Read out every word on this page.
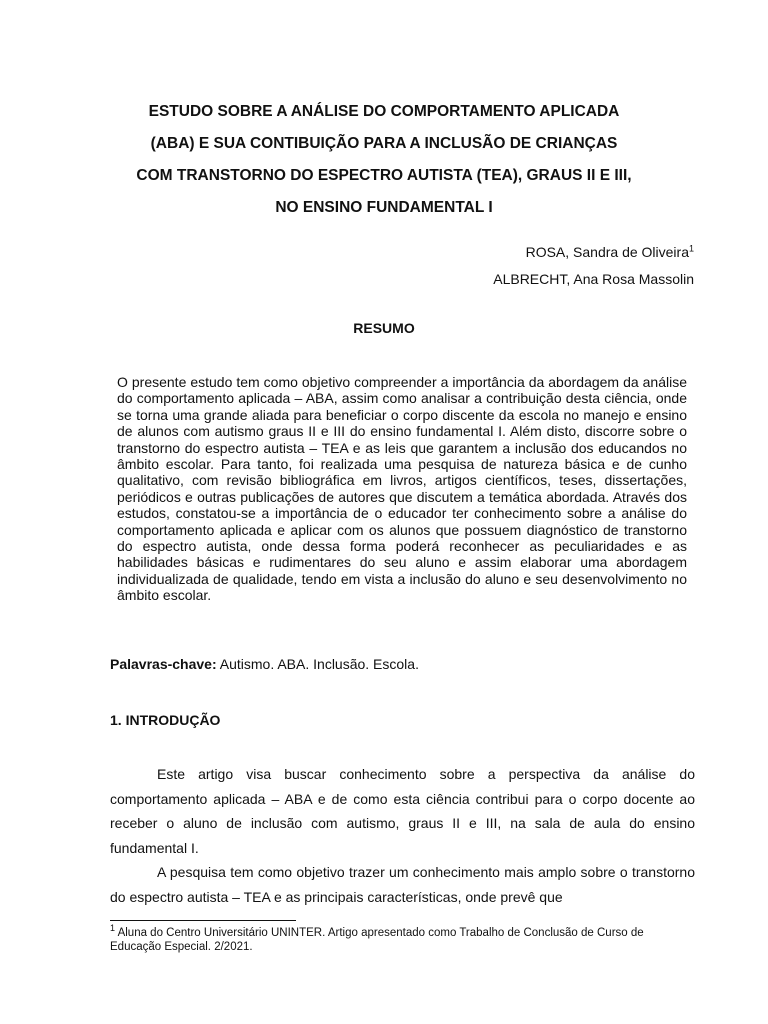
ESTUDO SOBRE A ANÁLISE DO COMPORTAMENTO APLICADA
(ABA) E SUA CONTIBUIÇÃO PARA A INCLUSÃO DE CRIANÇAS
COM TRANSTORNO DO ESPECTRO AUTISTA (TEA), GRAUS II E III,
NO ENSINO FUNDAMENTAL I
ROSA, Sandra de Oliveira$^1$
ALBRECHT, Ana Rosa Massolin
RESUMO

O presente estudo tem como objetivo compreender a importância da abordagem da análise do comportamento aplicada – ABA, assim como analisar a contribuição desta ciência, onde se torna uma grande aliada para beneficiar o corpo discente da escola no manejo e ensino de alunos com autismo graus II e III do ensino fundamental I. Além disto, discorre sobre o transtorno do espectro autista – TEA e as leis que garantem a inclusão dos educandos no âmbito escolar. Para tanto, foi realizada uma pesquisa de natureza básica e de cunho qualitativo, com revisão bibliográfica em livros, artigos científicos, teses, dissertações, periódicos e outras publicações de autores que discutem a temática abordada. Através dos estudos, constatou-se a importância de o educador ter conhecimento sobre a análise do comportamento aplicada e aplicar com os alunos que possuem diagnóstico de transtorno do espectro autista, onde dessa forma poderá reconhecer as peculiaridades e as habilidades básicas e rudimentares do seu aluno e assim elaborar uma abordagem individualizada de qualidade, tendo em vista a inclusão do aluno e seu desenvolvimento no âmbito escolar.

Palavras-chave: Autismo. ABA. Inclusão. Escola.

1. INTRODUÇÃO

Este artigo visa buscar conhecimento sobre a perspectiva da análise do comportamento aplicada – ABA e de como esta ciência contribui para o corpo docente ao receber o aluno de inclusão com autismo, graus II e III, na sala de aula do ensino fundamental I.

A pesquisa tem como objetivo trazer um conhecimento mais amplo sobre o transtorno do espectro autista – TEA e as principais características, onde prevê que

$^1$ Aluna do Centro Universitário UNINTER. Artigo apresentado como Trabalho de Conclusão de Curso de Educação Especial. 2/2021.
